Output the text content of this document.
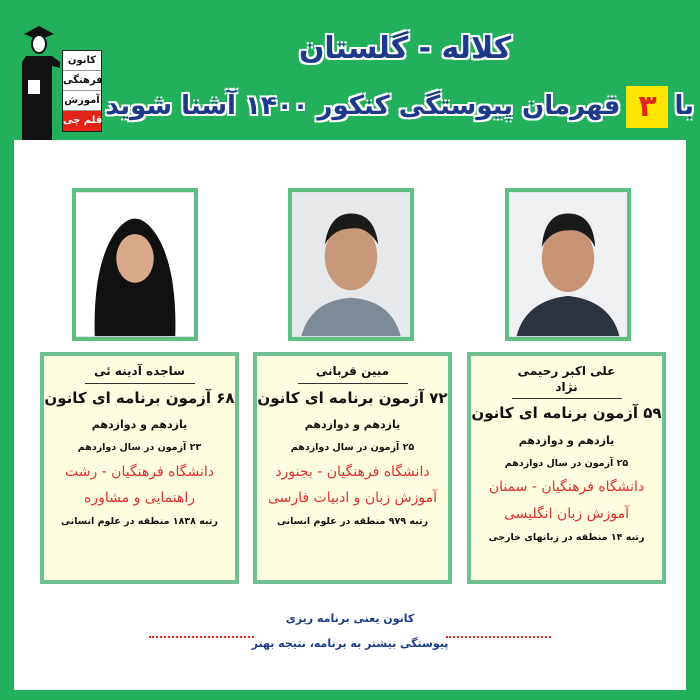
کلاله - گلستان
با۳قهرمان پیوستگی کنکور ۱۴۰۰ آشنا شوید
کانون
فرهنگی
آموزش
قلم چی
ساجده آدینه ئی
۶۸ آزمون برنامه ای کانون
یازدهم و دوازدهم
۲۳ آزمون در سال دوازدهم
دانشگاه فرهنگیان - رشت
راهنمایی و مشاوره
رتبه ۱۸۳۸ منطقه در علوم انسانی
مبین قربانی
۷۲ آزمون برنامه ای کانون
یازدهم و دوازدهم
۲۵ آزمون در سال دوازدهم
دانشگاه فرهنگیان - بجنورد
آموزش زبان و ادبیات فارسی
رتبه ۹۷۹ منطقه در علوم انسانی
علی اکبر رحیمی نژاد
۵۹ آزمون برنامه ای کانون
یازدهم و دوازدهم
۲۵ آزمون در سال دوازدهم
دانشگاه فرهنگیان - سمنان
آموزش زبان انگلیسی
رتبه ۱۴ منطقه در زبانهای خارجی
کانون یعنی برنامه ریزی
پیوستگی بیشتر به برنامه، نتیجه بهتر
